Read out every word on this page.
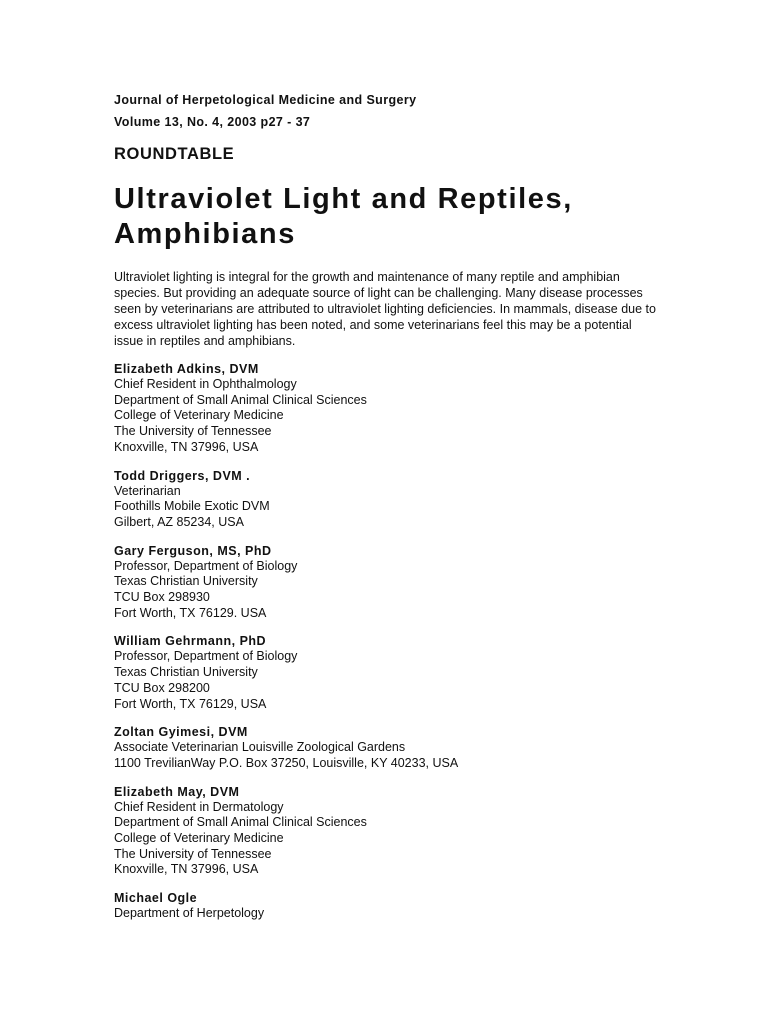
Journal of Herpetological Medicine and Surgery

Volume 13, No. 4, 2003 p27 - 37

ROUNDTABLE
Ultraviolet Light and Reptiles,
Amphibians

Ultraviolet lighting is integral for the growth and maintenance of many reptile and amphibian species. But providing an adequate source of light can be challenging. Many disease processes seen by veterinarians are attributed to ultraviolet lighting deficiencies. In mammals, disease due to excess ultraviolet lighting has been noted, and some veterinarians feel this may be a potential issue in reptiles and amphibians.

Elizabeth Adkins, DVM
Chief Resident in Ophthalmology
Department of Small Animal Clinical Sciences
College of Veterinary Medicine
The University of Tennessee
Knoxville, TN 37996, USA
Todd Driggers, DVM .
Veterinarian
Foothills Mobile Exotic DVM
Gilbert, AZ 85234, USA
Gary Ferguson, MS, PhD
Professor, Department of Biology
Texas Christian University
TCU Box 298930
Fort Worth, TX 76129. USA
William Gehrmann, PhD
Professor, Department of Biology
Texas Christian University
TCU Box 298200
Fort Worth, TX 76129, USA
Zoltan Gyimesi, DVM
Associate Veterinarian Louisville Zoological Gardens
1100 TrevilianWay P.O. Box 37250, Louisville, KY 40233, USA
Elizabeth May, DVM
Chief Resident in Dermatology
Department of Small Animal Clinical Sciences
College of Veterinary Medicine
The University of Tennessee
Knoxville, TN 37996, USA
Michael Ogle
Department of Herpetology
